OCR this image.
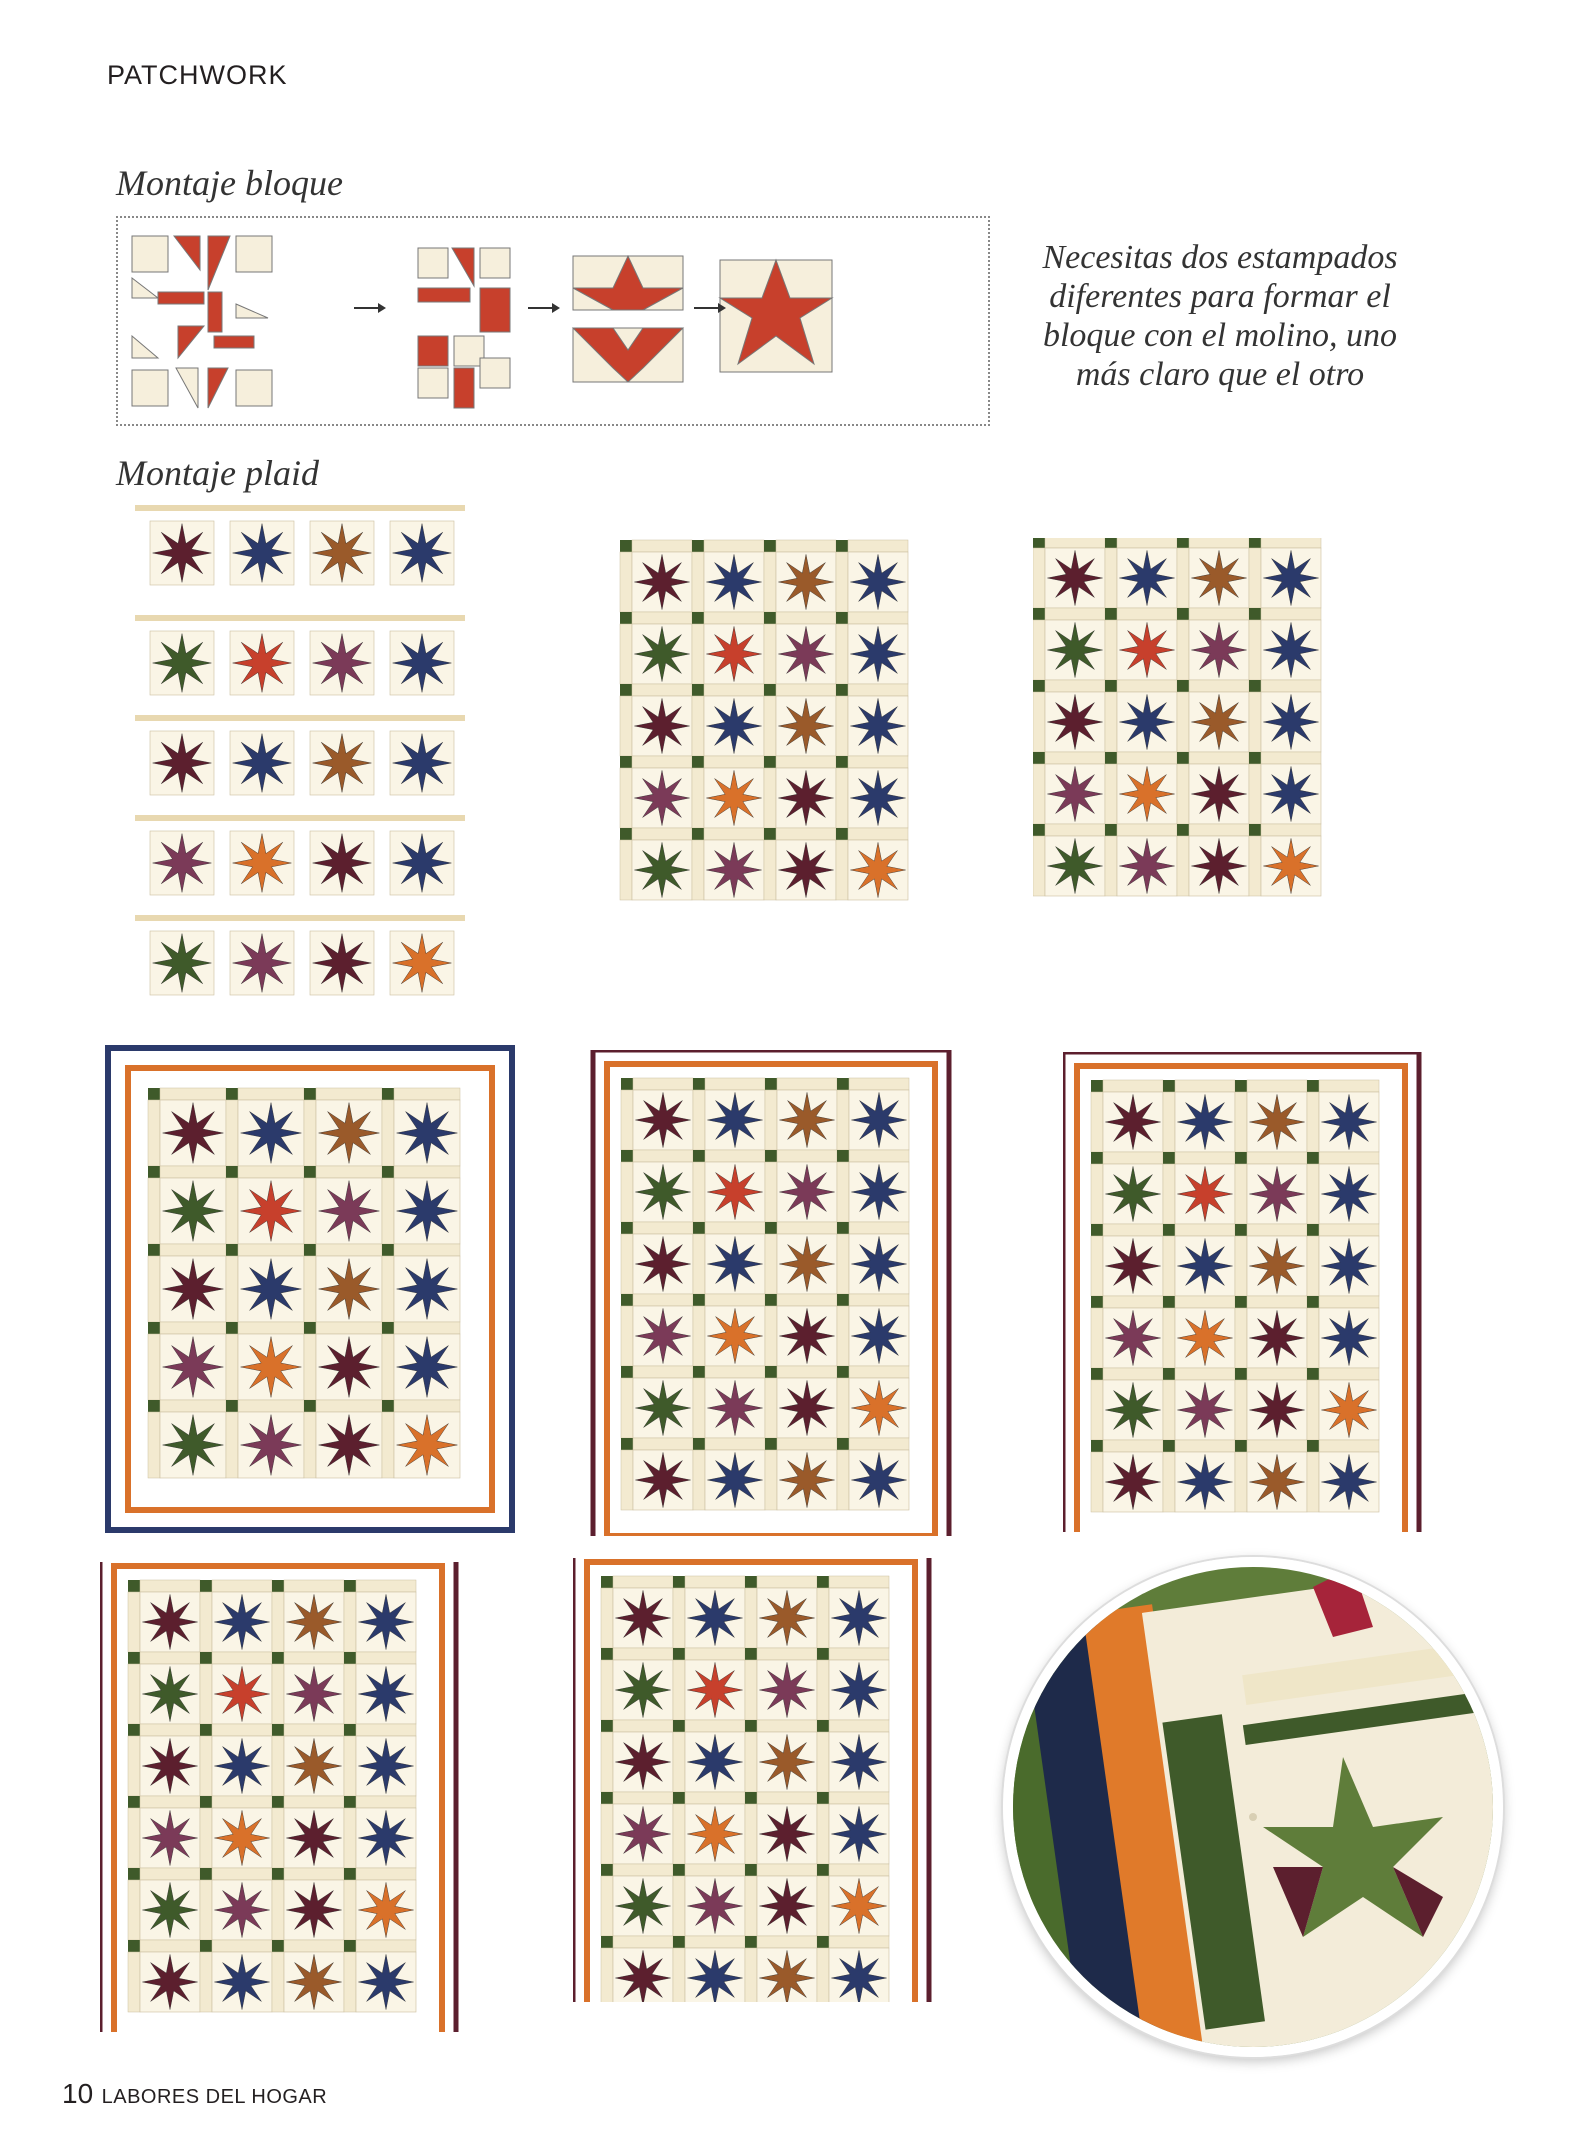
PATCHWORK
Montaje bloque
Necesitas dos estampados
diferentes para formar el
bloque con el molino, uno
más claro que el otro
Montaje plaid
10 LABORES DEL HOGAR
